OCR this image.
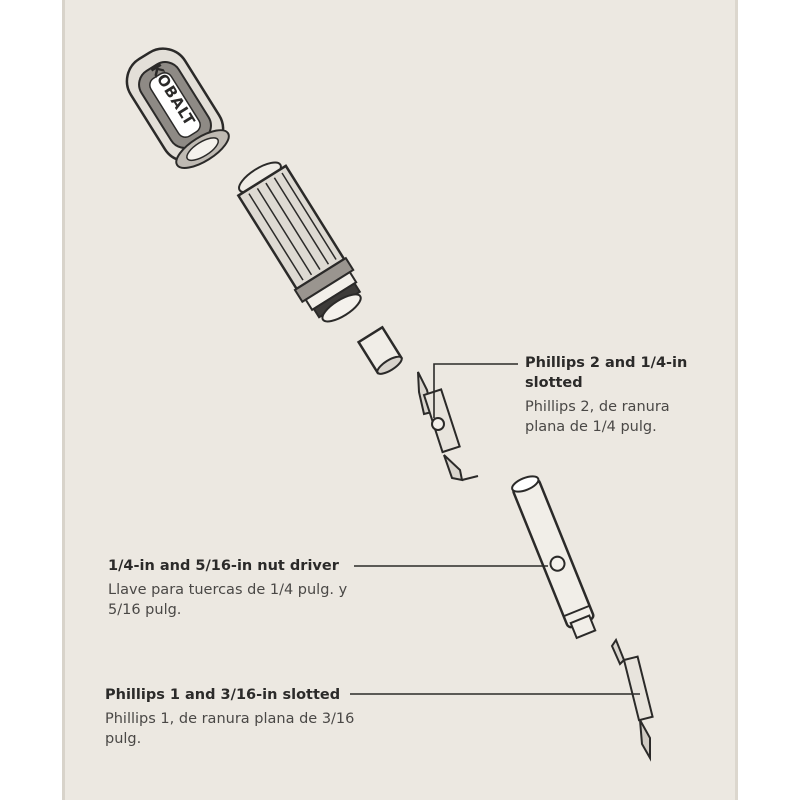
KOBALT
Phillips 2 and 1/4-in slotted
Phillips 2, de ranura plana de 1/4 pulg.
1/4-in and 5/16-in nut driver
Llave para tuercas de 1/4 pulg. y 5/16 pulg.
Phillips 1 and 3/16-in slotted
Phillips 1, de ranura plana de 3/16 pulg.
